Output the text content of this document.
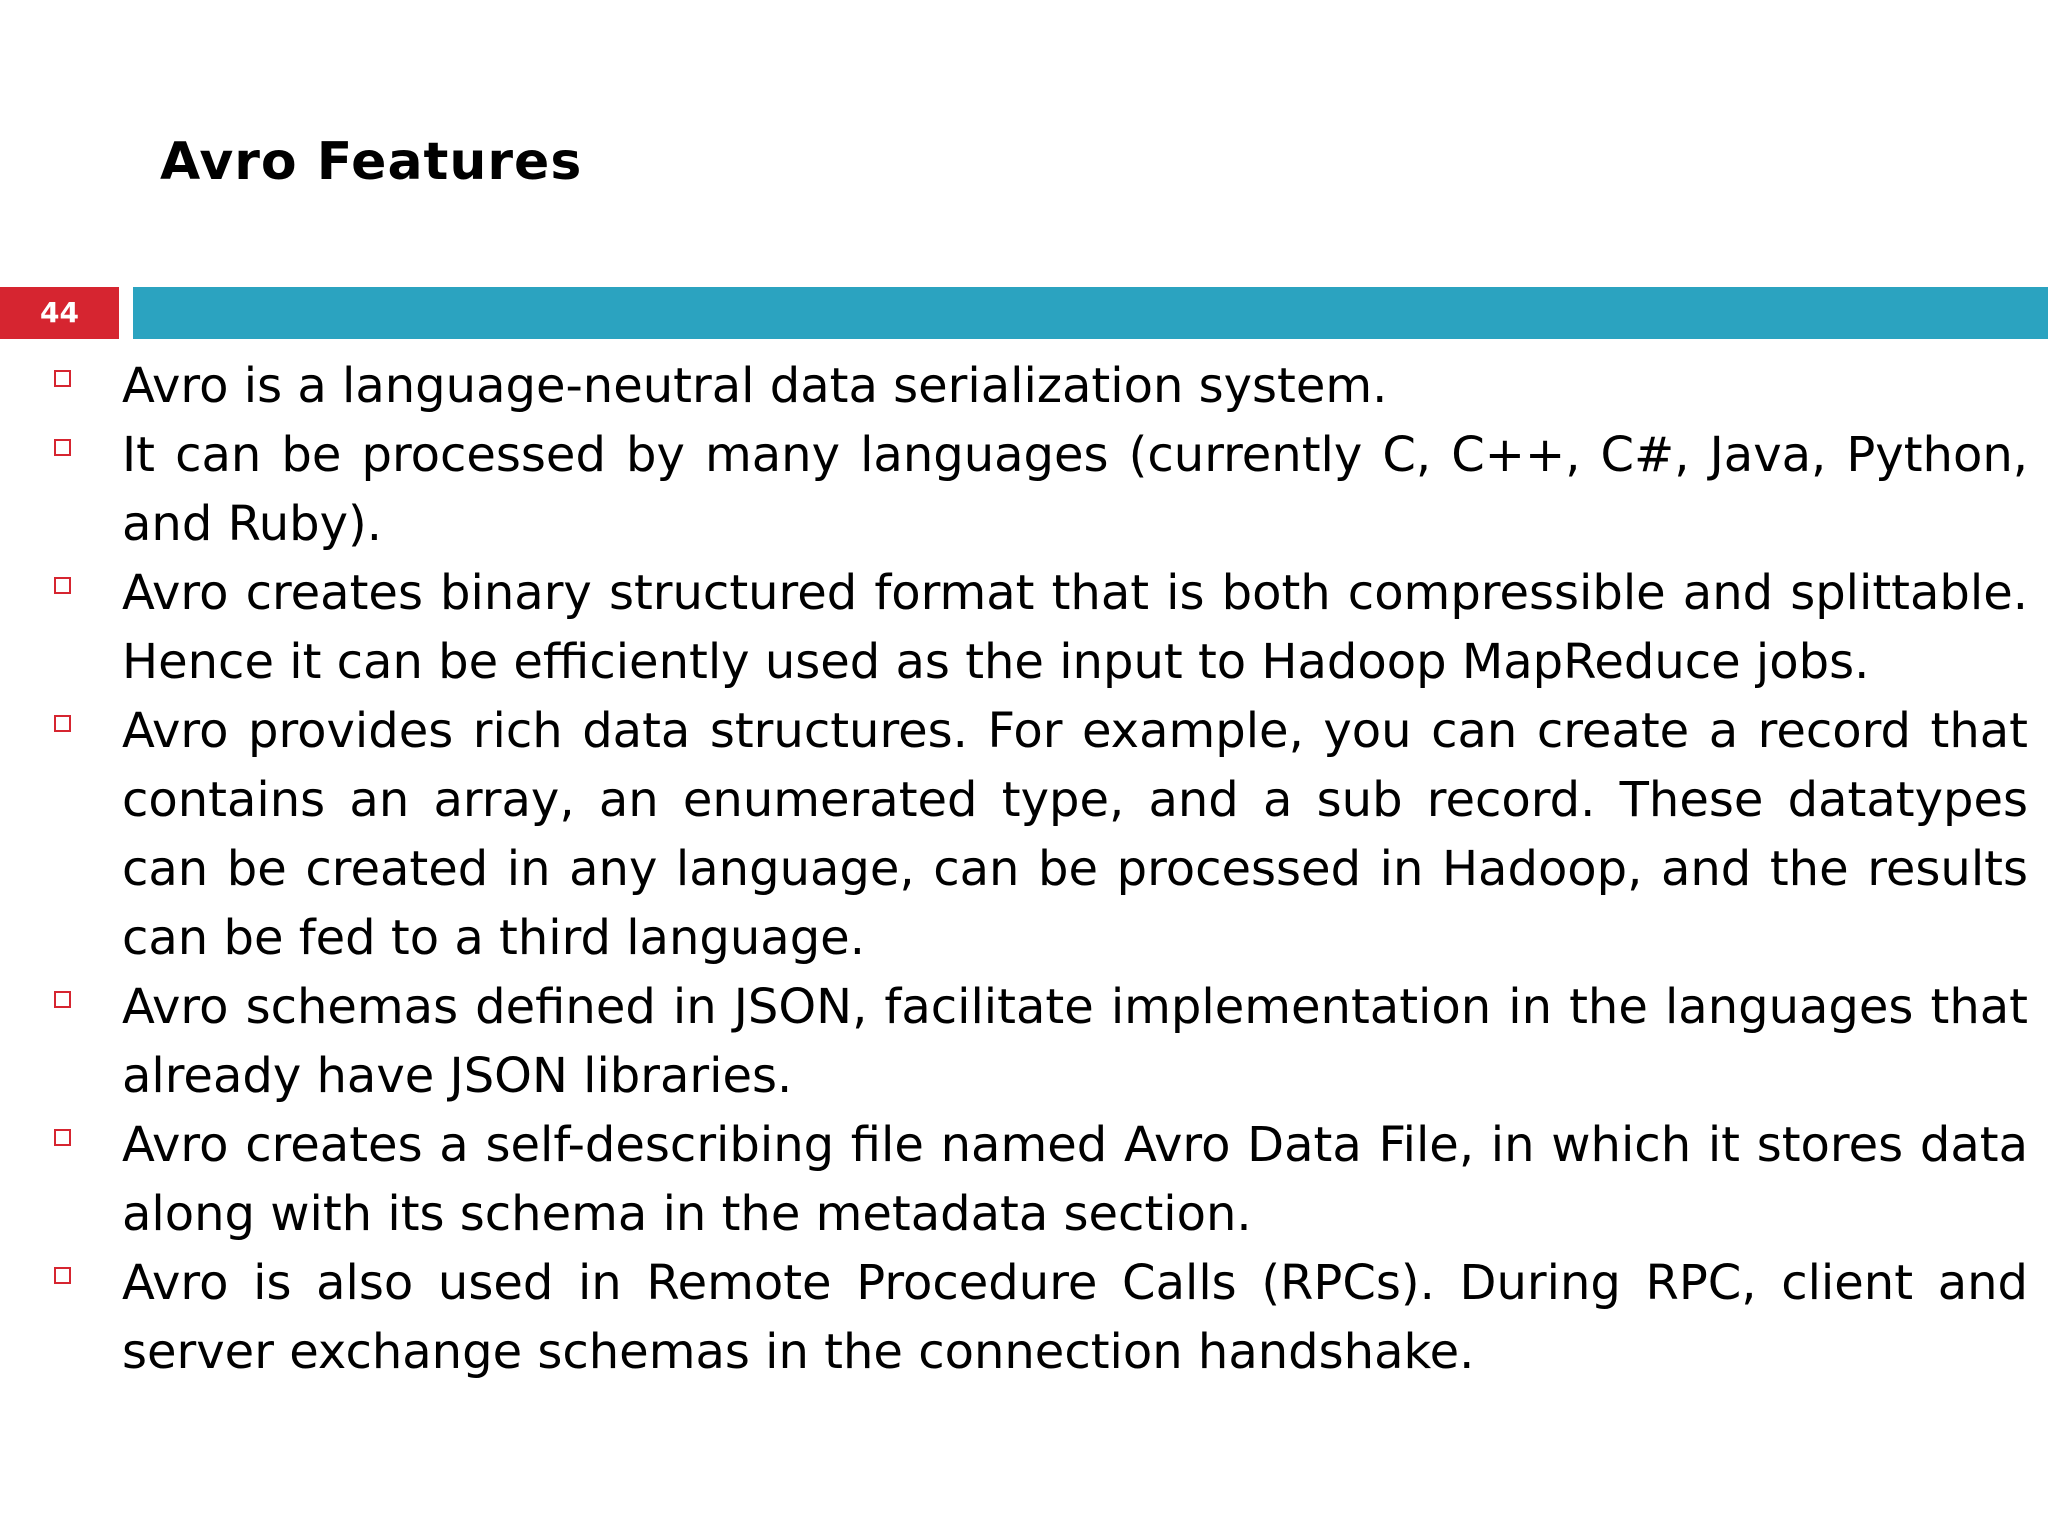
Avro Features
44
Avro is a language-neutral data serialization system.
It can be processed by many languages (currently C, C++, C#, Java, Python, and Ruby).
Avro creates binary structured format that is both compressible and splittable. Hence it can be efficiently used as the input to Hadoop MapReduce jobs.
Avro provides rich data structures. For example, you can create a record that contains an array, an enumerated type, and a sub record. These datatypes can be created in any language, can be processed in Hadoop, and the results can be fed to a third language.
Avro schemas defined in JSON, facilitate implementation in the languages that already have JSON libraries.
Avro creates a self-describing file named Avro Data File, in which it stores data along with its schema in the metadata section.
Avro is also used in Remote Procedure Calls (RPCs). During RPC, client and server exchange schemas in the connection handshake.
